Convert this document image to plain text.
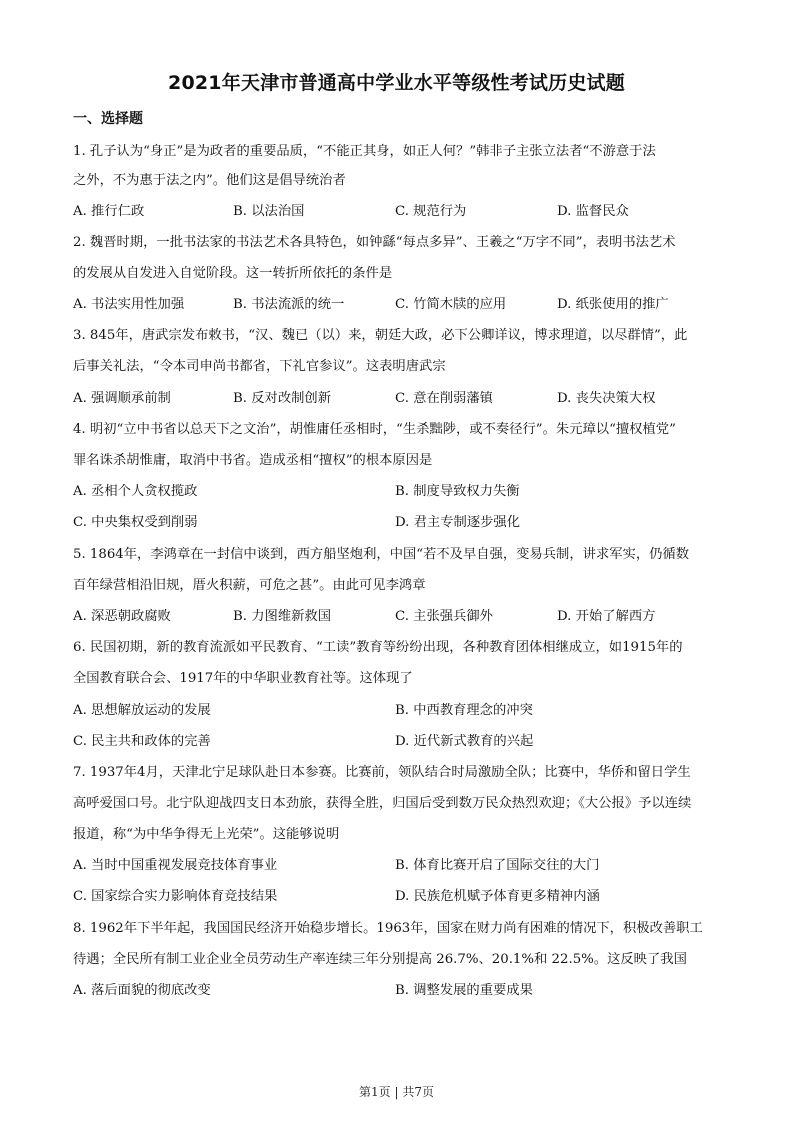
2021年天津市普通高中学业水平等级性考试历史试题
一、选择题
1. 孔子认为“身正”是为政者的重要品质，“不能正其身，如正人何？”韩非子主张立法者“不游意于法
之外，不为惠于法之内”。他们这是倡导统治者
A. 推行仁政	B. 以法治国	C. 规范行为	D. 监督民众
2. 魏晋时期，一批书法家的书法艺术各具特色，如钟繇“每点多异”、王羲之“万字不同”，表明书法艺术
的发展从自发进入自觉阶段。这一转折所依托的条件是
A. 书法实用性加强	B. 书法流派的统一	C. 竹简木牍的应用	D. 纸张使用的推广
3. 845年，唐武宗发布敕书，“汉、魏已（以）来，朝廷大政，必下公卿详议，博求理道，以尽群情”，此
后事关礼法，“令本司申尚书都省，下礼官参议”。这表明唐武宗
A. 强调顺承前制	B. 反对改制创新	C. 意在削弱藩镇	D. 丧失决策大权
4. 明初“立中书省以总天下之文治”，胡惟庸任丞相时，“生杀黜陟，或不奏径行”。朱元璋以“擅权植党”
罪名诛杀胡惟庸，取消中书省。造成丞相“擅权”的根本原因是
A. 丞相个人贪权揽政	B. 制度导致权力失衡
C. 中央集权受到削弱	D. 君主专制逐步强化
5. 1864年，李鸿章在一封信中谈到，西方船坚炮利，中国“若不及早自强，变易兵制，讲求军实，仍循数
百年绿营相沿旧规，厝火积薪，可危之甚”。由此可见李鸿章
A. 深恶朝政腐败	B. 力图维新救国	C. 主张强兵御外	D. 开始了解西方
6. 民国初期，新的教育流派如平民教育、“工读”教育等纷纷出现，各种教育团体相继成立，如1915年的
全国教育联合会、1917年的中华职业教育社等。这体现了
A. 思想解放运动的发展	B. 中西教育理念的冲突
C. 民主共和政体的完善	D. 近代新式教育的兴起
7. 1937年4月，天津北宁足球队赴日本参赛。比赛前，领队结合时局激励全队；比赛中，华侨和留日学生
高呼爱国口号。北宁队迎战四支日本劲旅，获得全胜，归国后受到数万民众热烈欢迎；《大公报》予以连续
报道，称“为中华争得无上光荣”。这能够说明
A. 当时中国重视发展竞技体育事业	B. 体育比赛开启了国际交往的大门
C. 国家综合实力影响体育竞技结果	D. 民族危机赋予体育更多精神内涵
8. 1962年下半年起，我国国民经济开始稳步增长。1963年，国家在财力尚有困难的情况下，积极改善职工
待遇；全民所有制工业企业全员劳动生产率连续三年分别提高 26.7%、20.1%和 22.5%。这反映了我国
A. 落后面貌的彻底改变	B. 调整发展的重要成果
第1页 | 共7页
